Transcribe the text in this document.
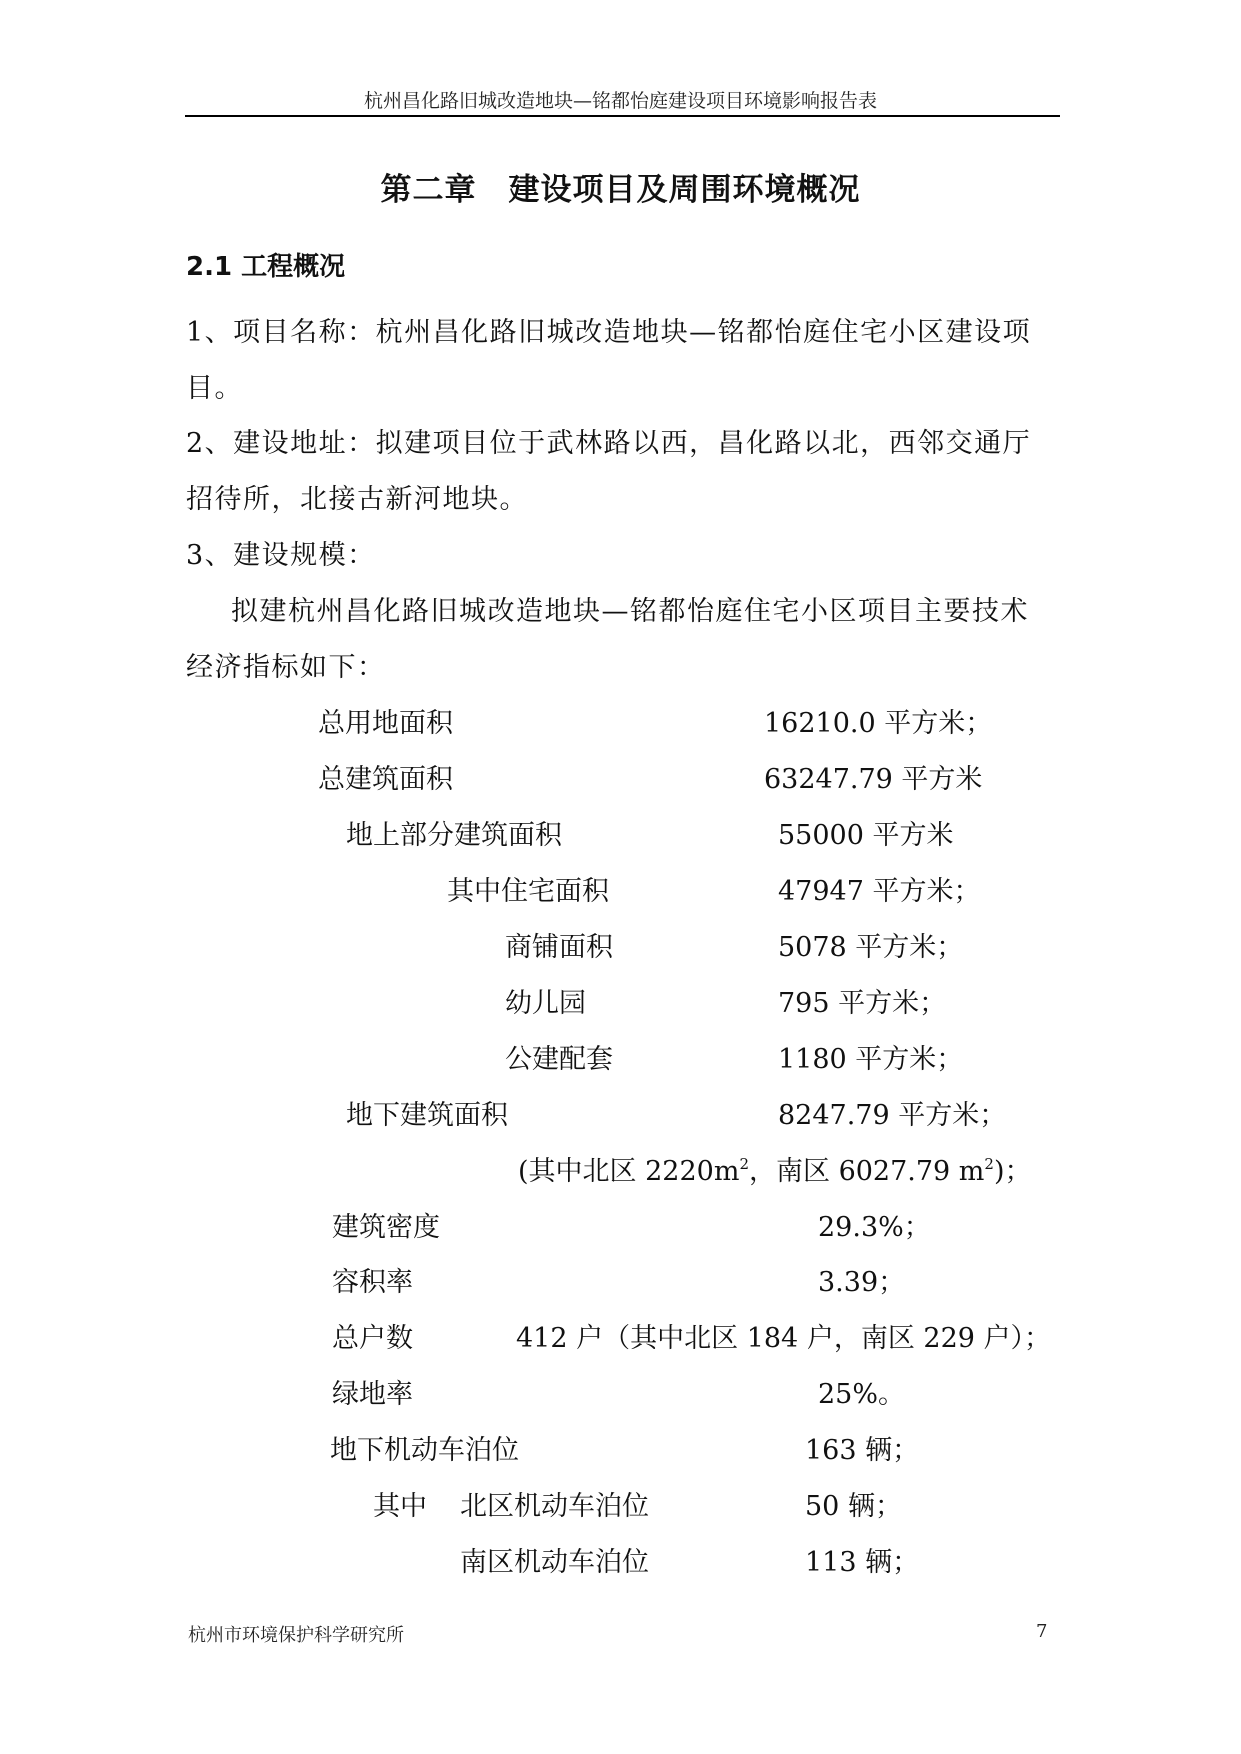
杭州昌化路旧城改造地块—铭都怡庭建设项目环境影响报告表
第二章　建设项目及周围环境概况
2.1 工程概况
1、项目名称：杭州昌化路旧城改造地块—铭都怡庭住宅小区建设项
目。
2、建设地址：拟建项目位于武林路以西，昌化路以北，西邻交通厅
招待所，北接古新河地块。
3、建设规模：
拟建杭州昌化路旧城改造地块—铭都怡庭住宅小区项目主要技术
经济指标如下：
总用地面积	16210.0 平方米；
总建筑面积	63247.79 平方米
地上部分建筑面积	55000 平方米
其中住宅面积	47947 平方米；
商铺面积	5078 平方米；
幼儿园	795 平方米；
公建配套	1180 平方米；
地下建筑面积	8247.79 平方米；
(其中北区 $2220m^2$，南区 6027.79 $m^2$)；
建筑密度	29.3%；
容积率	3.39；
总户数	412 户（其中北区 184 户，南区 229 户）；
绿地率	25%。
地下机动车泊位	163 辆；
其中 北区机动车泊位	50 辆；
南区机动车泊位	113 辆；
杭州市环境保护科学研究所	7
